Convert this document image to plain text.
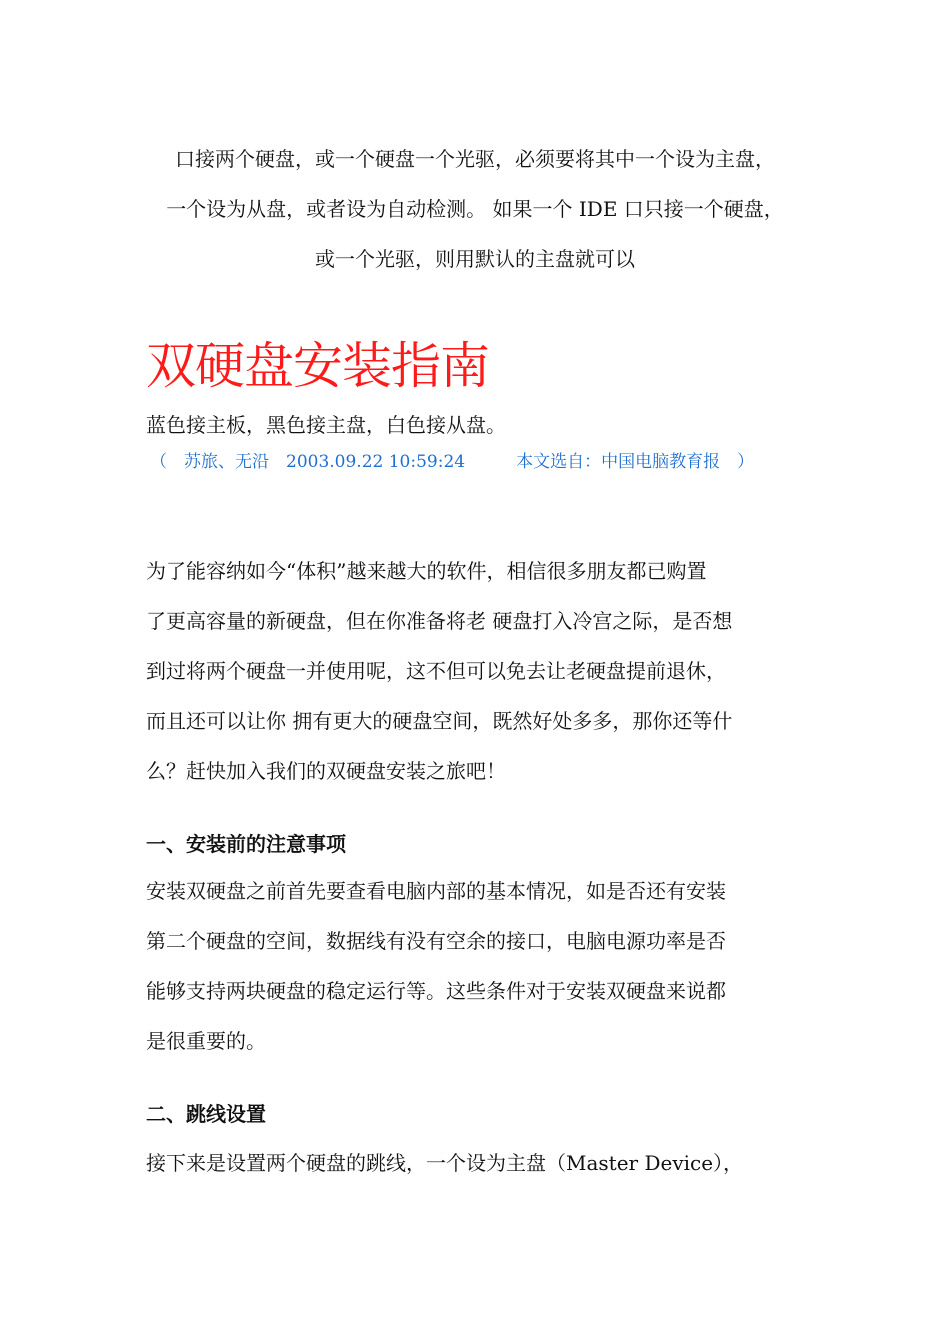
口接两个硬盘，或一个硬盘一个光驱，必须要将其中一个设为主盘，
一个设为从盘，或者设为自动检测。 如果一个 IDE 口只接一个硬盘，
或一个光驱，则用默认的主盘就可以
双硬盘安装指南
蓝色接主板，黑色接主盘，白色接从盘。
（　苏旅、无沿　2003.09.22 10:59:24　　　本文选自：中国电脑教育报　）
为了能容纳如今“体积”越来越大的软件，相信很多朋友都已购置
了更高容量的新硬盘，但在你准备将老 硬盘打入冷宫之际，是否想
到过将两个硬盘一并使用呢，这不但可以免去让老硬盘提前退休，
而且还可以让你 拥有更大的硬盘空间，既然好处多多，那你还等什
么？赶快加入我们的双硬盘安装之旅吧！
一、安装前的注意事项
安装双硬盘之前首先要查看电脑内部的基本情况，如是否还有安装
第二个硬盘的空间，数据线有没有空余的接口，电脑电源功率是否
能够支持两块硬盘的稳定运行等。这些条件对于安装双硬盘来说都
是很重要的。
二、跳线设置
接下来是设置两个硬盘的跳线，一个设为主盘（Master Device），
